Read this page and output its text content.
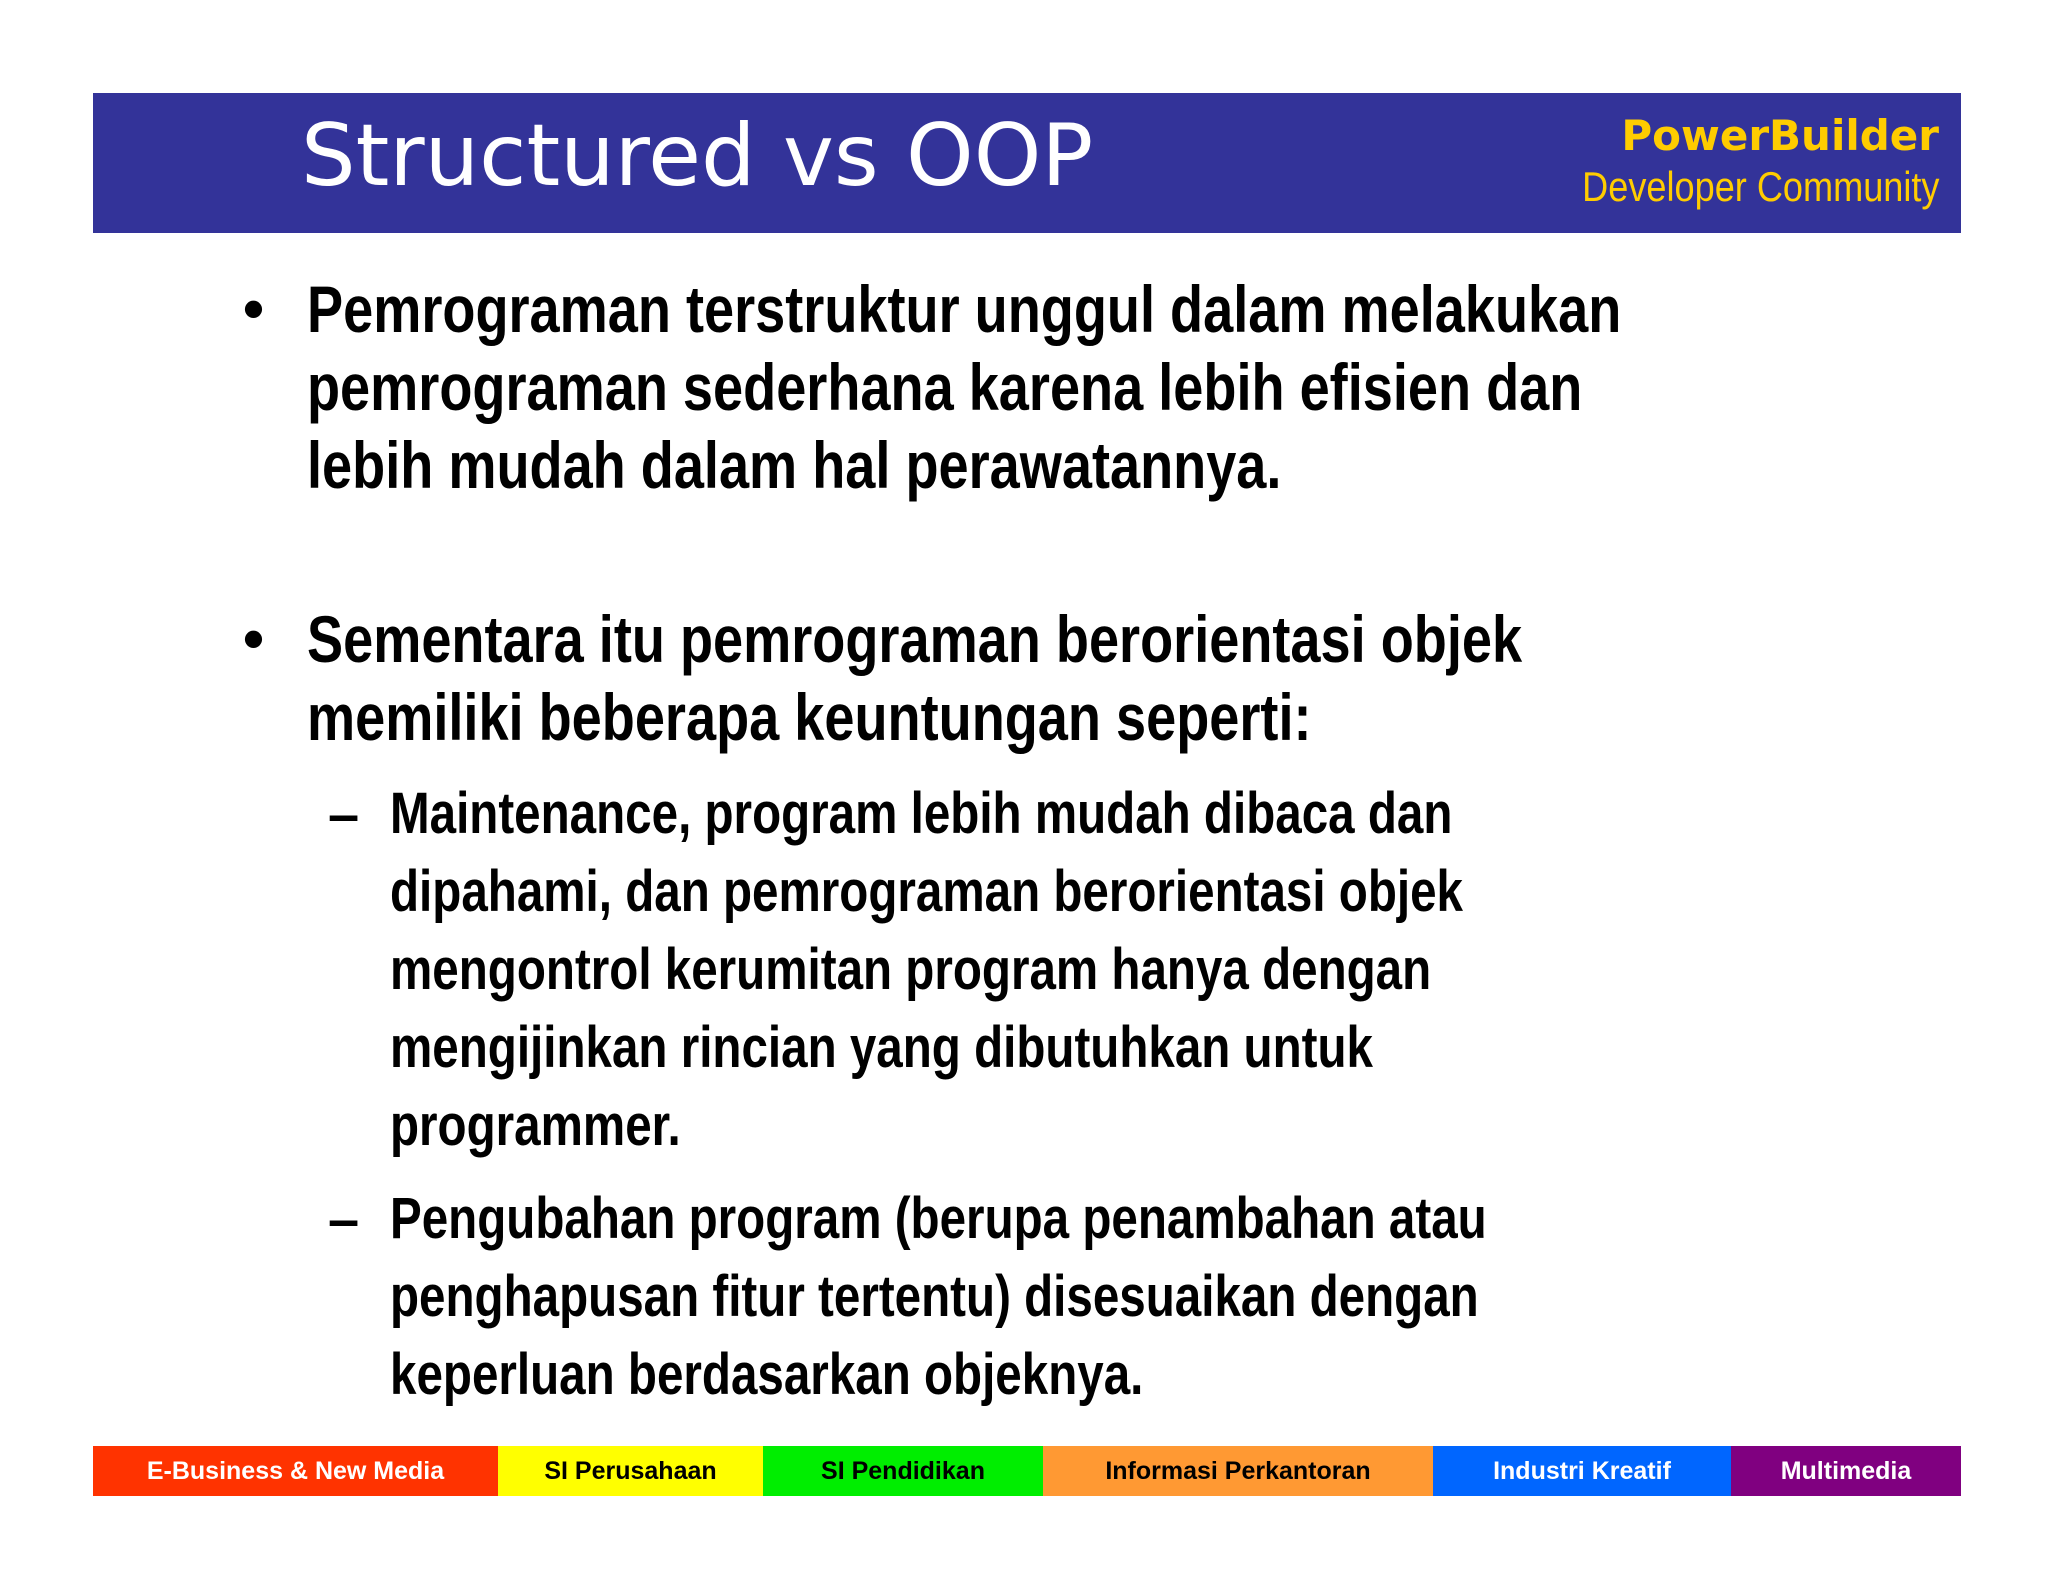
Structured vs OOP	PowerBuilder
Developer Community
• Pemrograman terstruktur unggul dalam melakukan pemrograman sederhana karena lebih efisien dan lebih mudah dalam hal perawatannya.
• Sementara itu pemrograman berorientasi objek memiliki beberapa keuntungan seperti:
– Maintenance, program lebih mudah dibaca dan dipahami, dan pemrograman berorientasi objek mengontrol kerumitan program hanya dengan mengijinkan rincian yang dibutuhkan untuk programmer.
– Pengubahan program (berupa penambahan atau penghapusan fitur tertentu) disesuaikan dengan keperluan berdasarkan objeknya.
E-Business & New Media	SI Perusahaan	SI Pendidikan	Informasi Perkantoran	Industri Kreatif	Multimedia
